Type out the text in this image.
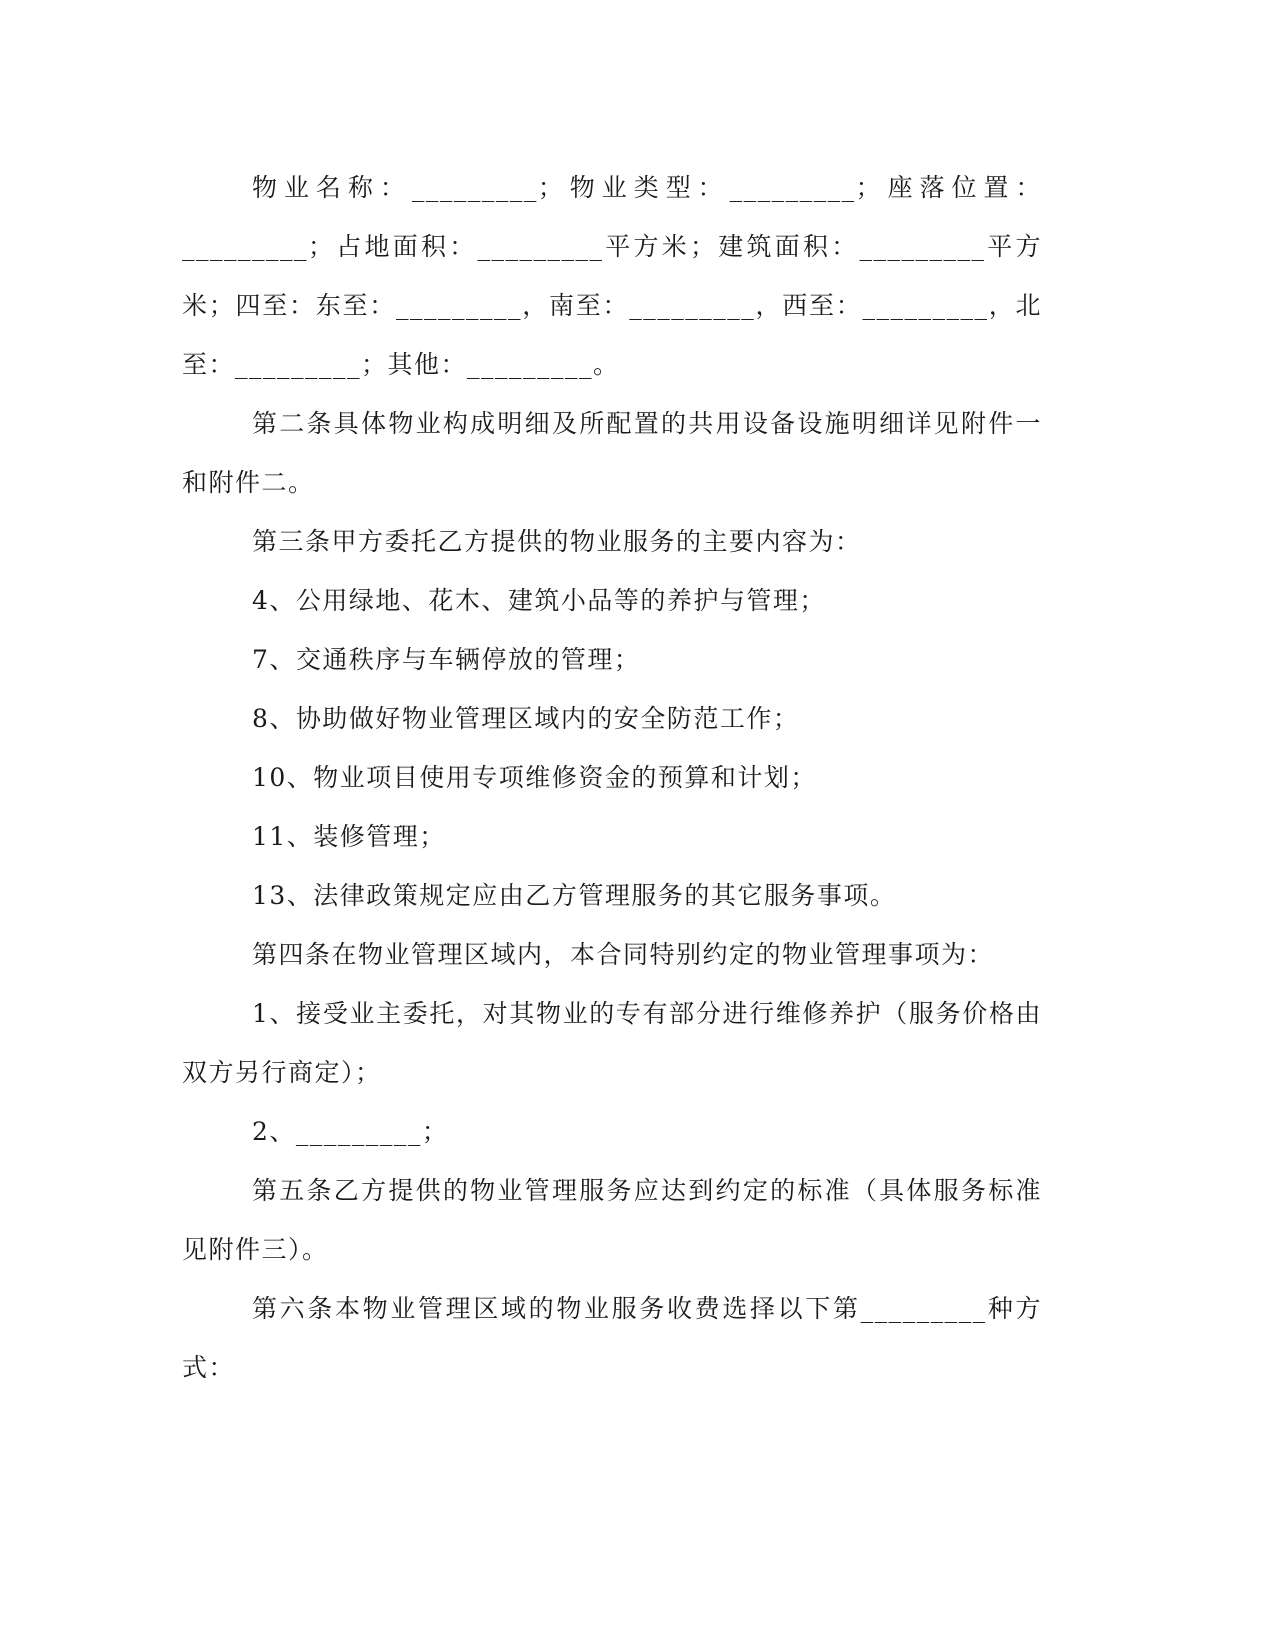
物业名称：_________；物业类型：_________；座落位置：_________；占地面积：_________平方米；建筑面积：_________平方米；四至：东至：_________，南至：_________，西至：_________，北至：_________；其他：_________。

第二条具体物业构成明细及所配置的共用设备设施明细详见附件一和附件二。

第三条甲方委托乙方提供的物业服务的主要内容为：

4、公用绿地、花木、建筑小品等的养护与管理；

7、交通秩序与车辆停放的管理；

8、协助做好物业管理区域内的安全防范工作；

10、物业项目使用专项维修资金的预算和计划；

11、装修管理；

13、法律政策规定应由乙方管理服务的其它服务事项。

第四条在物业管理区域内，本合同特别约定的物业管理事项为：

1、接受业主委托，对其物业的专有部分进行维修养护（服务价格由双方另行商定）；

2、_________；

第五条乙方提供的物业管理服务应达到约定的标准（具体服务标准见附件三）。

第六条本物业管理区域的物业服务收费选择以下第_________种方式：
